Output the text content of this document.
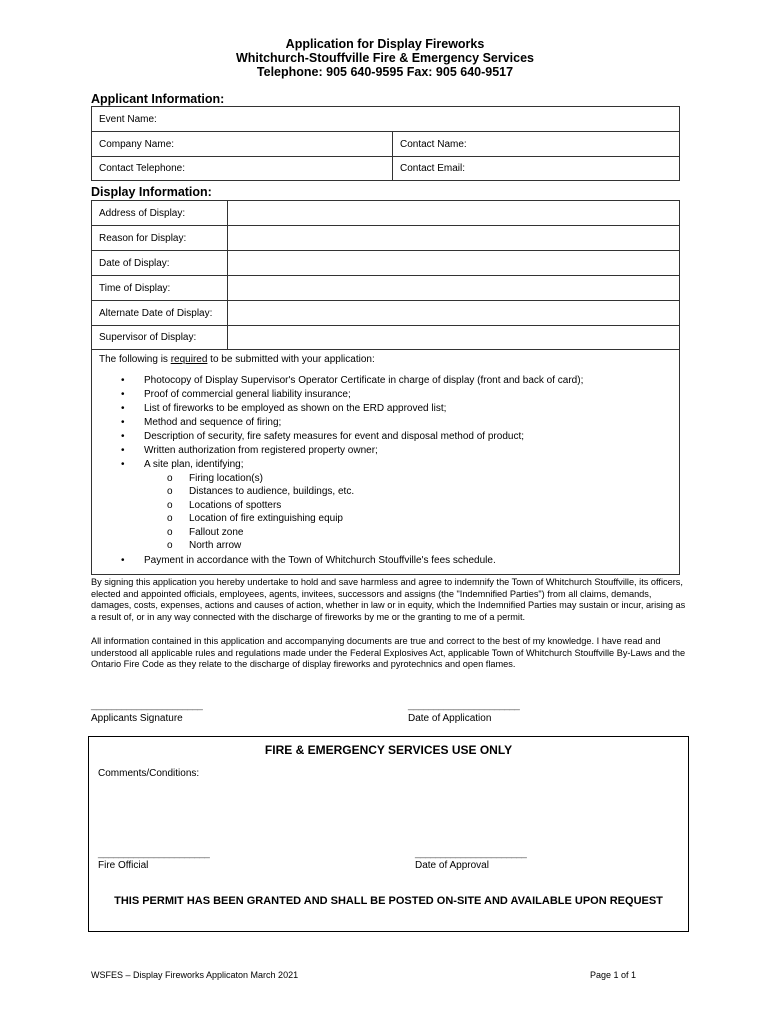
Application for Display Fireworks
Whitchurch-Stouffville Fire & Emergency Services
Telephone: 905 640-9595 Fax: 905 640-9517
Applicant Information:
Event Name:	
Company Name:	Contact Name:
Contact Telephone:	Contact Email:
Display Information:
Address of Display:	
Reason for Display:	
Date of Display:	
Time of Display:	
Alternate Date of Display:	
Supervisor of Display:	
The following is required to be submitted with your application:
• Photocopy of Display Supervisor's Operator Certificate in charge of display (front and back of card);
• Proof of commercial general liability insurance;
• List of fireworks to be employed as shown on the ERD approved list;
• Method and sequence of firing;
• Description of security, fire safety measures for event and disposal method of product;
• Written authorization from registered property owner;
• A site plan, identifying;
o Firing location(s)
o Distances to audience, buildings, etc.
o Locations of spotters
o Location of fire extinguishing equip
o Fallout zone
o North arrow
• Payment in accordance with the Town of Whitchurch Stouffville's fees schedule.
By signing this application you hereby undertake to hold and save harmless and agree to indemnify the Town of Whitchurch Stouffville, its officers, elected and appointed officials, employees, agents, invitees, successors and assigns (the "Indemnified Parties") from all claims, demands, damages, costs, expenses, actions and causes of action, whether in law or in equity, which the Indemnified Parties may sustain or incur, arising as a result of, or in any way connected with the discharge of fireworks by me or the granting to me of a permit.
All information contained in this application and accompanying documents are true and correct to the best of my knowledge. I have read and understood all applicable rules and regulations made under the Federal Explosives Act, applicable Town of Whitchurch Stouffville By-Laws and the Ontario Fire Code as they relate to the discharge of display fireworks and pyrotechnics and open flames.
______________________
Applicants Signature
______________________
Date of Application
FIRE & EMERGENCY SERVICES USE ONLY
Comments/Conditions:
______________________
Fire Official
______________________
Date of Approval
THIS PERMIT HAS BEEN GRANTED AND SHALL BE POSTED ON-SITE AND AVAILABLE UPON REQUEST
WSFES – Display Fireworks Applicaton March 2021	Page 1 of 1
